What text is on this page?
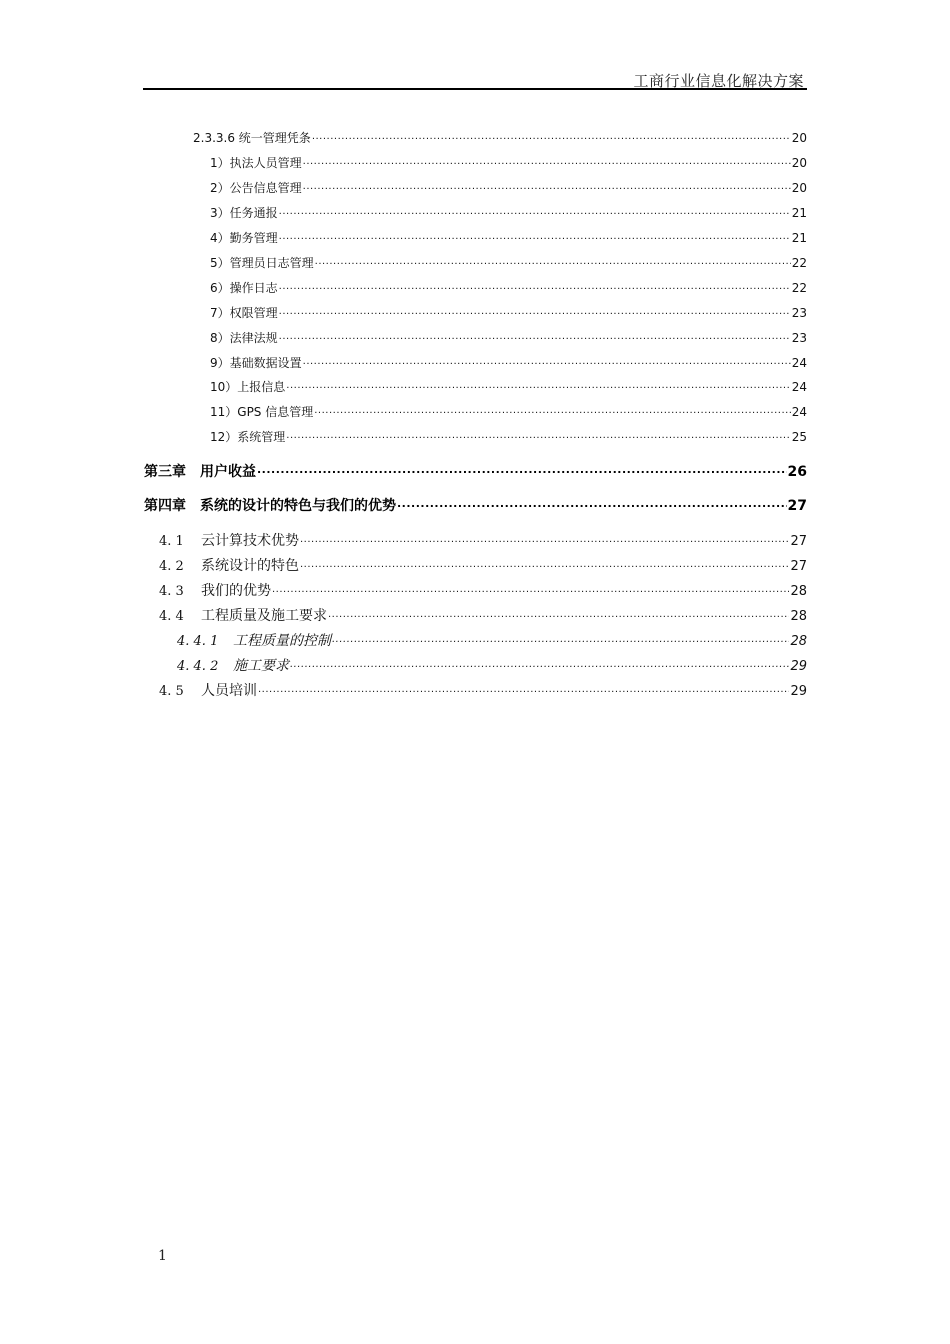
工商行业信息化解决方案
2.3.3.6 统一管理凭条 .....	20
1）执法人员管理 .....	20
2）公告信息管理 .....	20
3）任务通报 .....	21
4）勤务管理 .....	21
5）管理员日志管理 .....	22
6）操作日志 .....	22
7）权限管理 .....	23
8）法律法规 .....	23
9）基础数据设置 .....	24
10）上报信息 .....	24
11）GPS 信息管理 .....	24
12）系统管理 .....	25
第三章　用户收益 .....	26
第四章　系统的设计的特色与我们的优势 .....	27
4. 1 云计算技术优势 .....	27
4. 2 系统设计的特色 .....	27
4. 3 我们的优势 .....	28
4. 4 工程质量及施工要求 .....	28
4. 4. 1 工程质量的控制 .....	28
4. 4. 2 施工要求 .....	29
4. 5 人员培训 .....	29
1
